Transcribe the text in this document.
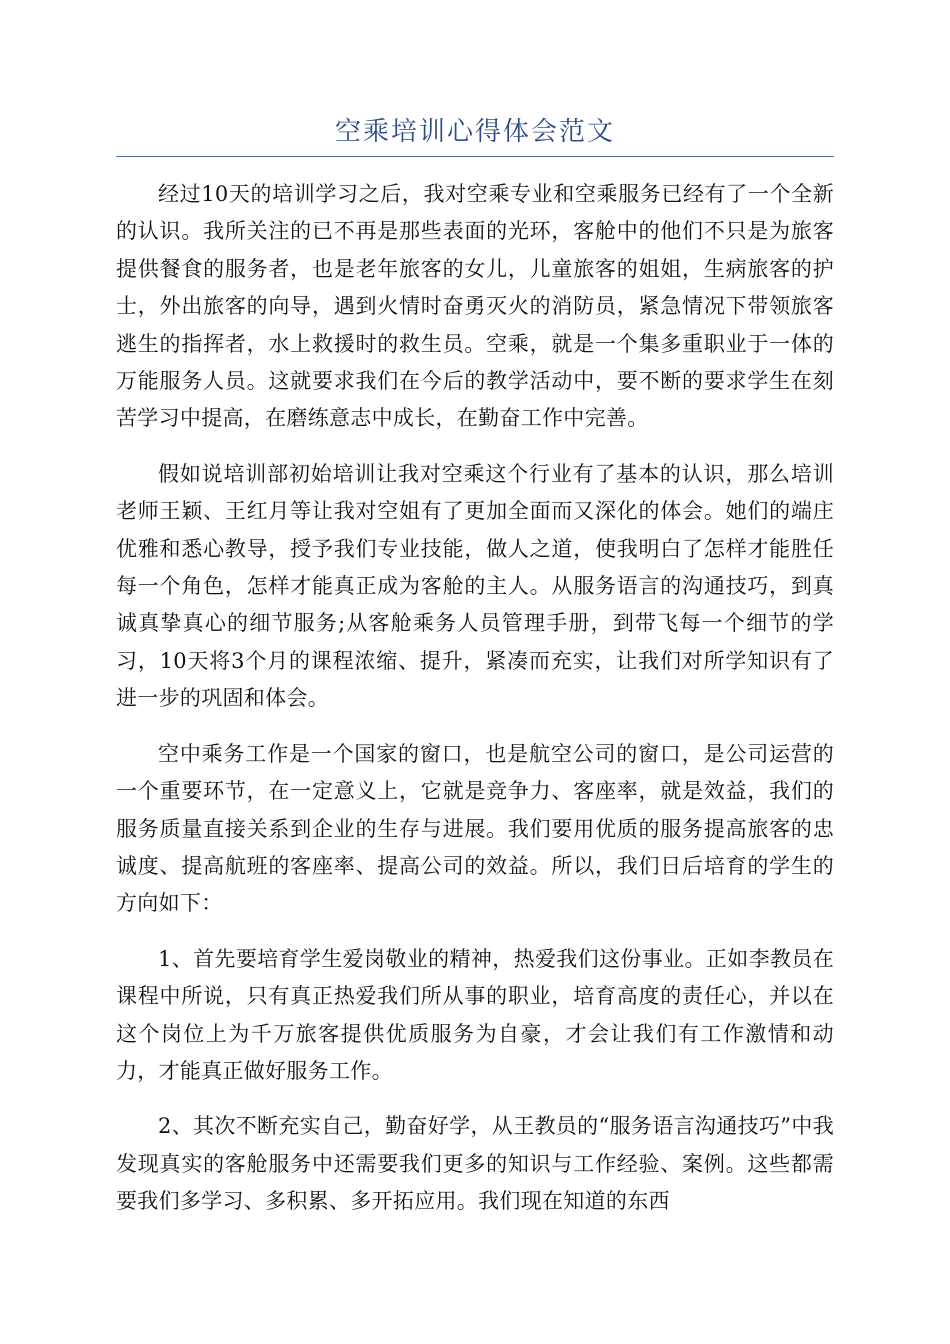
空乘培训心得体会范文

经过10天的培训学习之后，我对空乘专业和空乘服务已经有了一个全新的认识。我所关注的已不再是那些表面的光环，客舱中的他们不只是为旅客提供餐食的服务者，也是老年旅客的女儿，儿童旅客的姐姐，生病旅客的护士，外出旅客的向导，遇到火情时奋勇灭火的消防员，紧急情况下带领旅客逃生的指挥者，水上救援时的救生员。空乘，就是一个集多重职业于一体的万能服务人员。这就要求我们在今后的教学活动中，要不断的要求学生在刻苦学习中提高，在磨练意志中成长，在勤奋工作中完善。

假如说培训部初始培训让我对空乘这个行业有了基本的认识，那么培训老师王颖、王红月等让我对空姐有了更加全面而又深化的体会。她们的端庄优雅和悉心教导，授予我们专业技能，做人之道，使我明白了怎样才能胜任每一个角色，怎样才能真正成为客舱的主人。从服务语言的沟通技巧，到真诚真挚真心的细节服务;从客舱乘务人员管理手册，到带飞每一个细节的学习，10天将3个月的课程浓缩、提升，紧凑而充实，让我们对所学知识有了进一步的巩固和体会。

空中乘务工作是一个国家的窗口，也是航空公司的窗口，是公司运营的一个重要环节，在一定意义上，它就是竞争力、客座率，就是效益，我们的服务质量直接关系到企业的生存与进展。我们要用优质的服务提高旅客的忠诚度、提高航班的客座率、提高公司的效益。所以，我们日后培育的学生的方向如下：

1、首先要培育学生爱岗敬业的精神，热爱我们这份事业。正如李教员在课程中所说，只有真正热爱我们所从事的职业，培育高度的责任心，并以在这个岗位上为千万旅客提供优质服务为自豪，才会让我们有工作激情和动力，才能真正做好服务工作。

2、其次不断充实自己，勤奋好学，从王教员的“服务语言沟通技巧”中我发现真实的客舱服务中还需要我们更多的知识与工作经验、案例。这些都需要我们多学习、多积累、多开拓应用。我们现在知道的东西
